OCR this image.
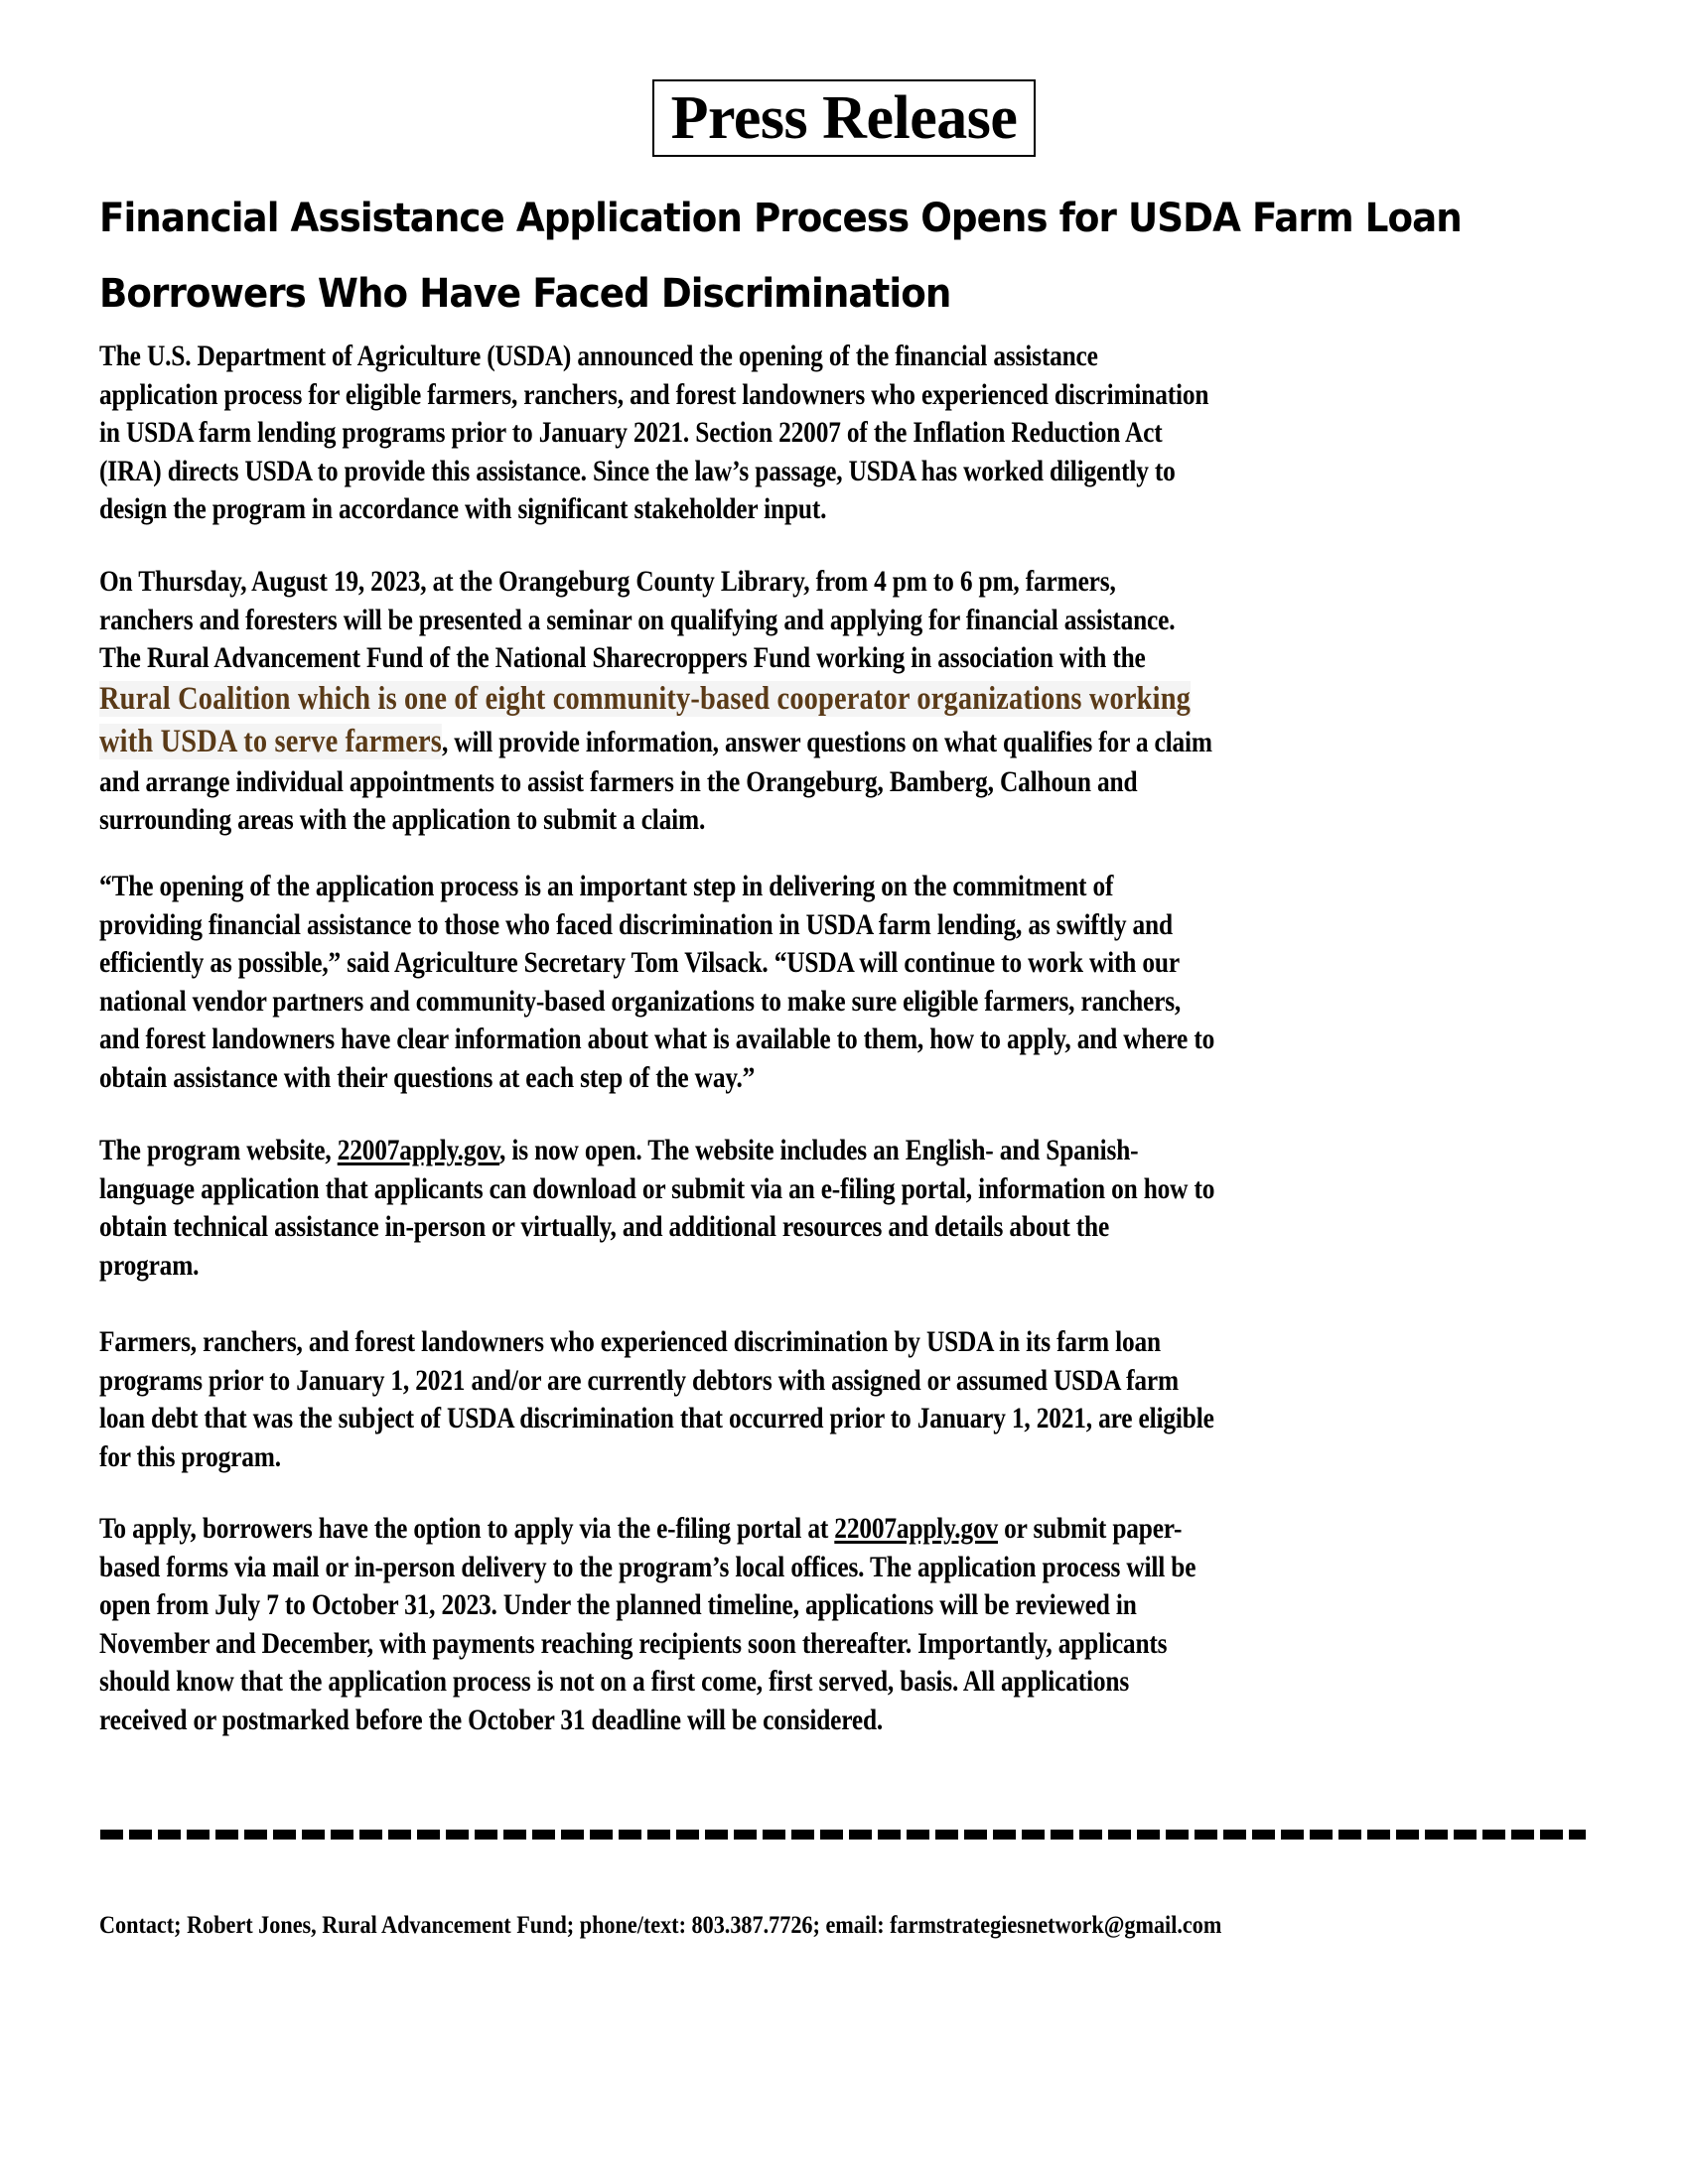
Press Release
Financial Assistance Application Process Opens for USDA Farm Loan
Borrowers Who Have Faced Discrimination
The U.S. Department of Agriculture (USDA) announced the opening of the financial assistance
application process for eligible farmers, ranchers, and forest landowners who experienced discrimination
in USDA farm lending programs prior to January 2021. Section 22007 of the Inflation Reduction Act
(IRA) directs USDA to provide this assistance. Since the law’s passage, USDA has worked diligently to
design the program in accordance with significant stakeholder input.
On Thursday, August 19, 2023, at the Orangeburg County Library, from 4 pm to 6 pm, farmers,
ranchers and foresters will be presented a seminar on qualifying and applying for financial assistance.
The Rural Advancement Fund of the National Sharecroppers Fund working in association with the
Rural Coalition which is one of eight community-based cooperator organizations working
with USDA to serve farmers, will provide information, answer questions on what qualifies for a claim
and arrange individual appointments to assist farmers in the Orangeburg, Bamberg, Calhoun and
surrounding areas with the application to submit a claim.
“The opening of the application process is an important step in delivering on the commitment of
providing financial assistance to those who faced discrimination in USDA farm lending, as swiftly and
efficiently as possible,” said Agriculture Secretary Tom Vilsack. “USDA will continue to work with our
national vendor partners and community-based organizations to make sure eligible farmers, ranchers,
and forest landowners have clear information about what is available to them, how to apply, and where to
obtain assistance with their questions at each step of the way.”
The program website, 22007apply.gov, is now open. The website includes an English- and Spanish-
language application that applicants can download or submit via an e-filing portal, information on how to
obtain technical assistance in-person or virtually, and additional resources and details about the
program.
Farmers, ranchers, and forest landowners who experienced discrimination by USDA in its farm loan
programs prior to January 1, 2021 and/or are currently debtors with assigned or assumed USDA farm
loan debt that was the subject of USDA discrimination that occurred prior to January 1, 2021, are eligible
for this program.
To apply, borrowers have the option to apply via the e-filing portal at 22007apply.gov or submit paper-
based forms via mail or in-person delivery to the program’s local offices. The application process will be
open from July 7 to October 31, 2023. Under the planned timeline, applications will be reviewed in
November and December, with payments reaching recipients soon thereafter. Importantly, applicants
should know that the application process is not on a first come, first served, basis. All applications
received or postmarked before the October 31 deadline will be considered.
Contact; Robert Jones, Rural Advancement Fund; phone/text: 803.387.7726; email: farmstrategiesnetwork@gmail.com
